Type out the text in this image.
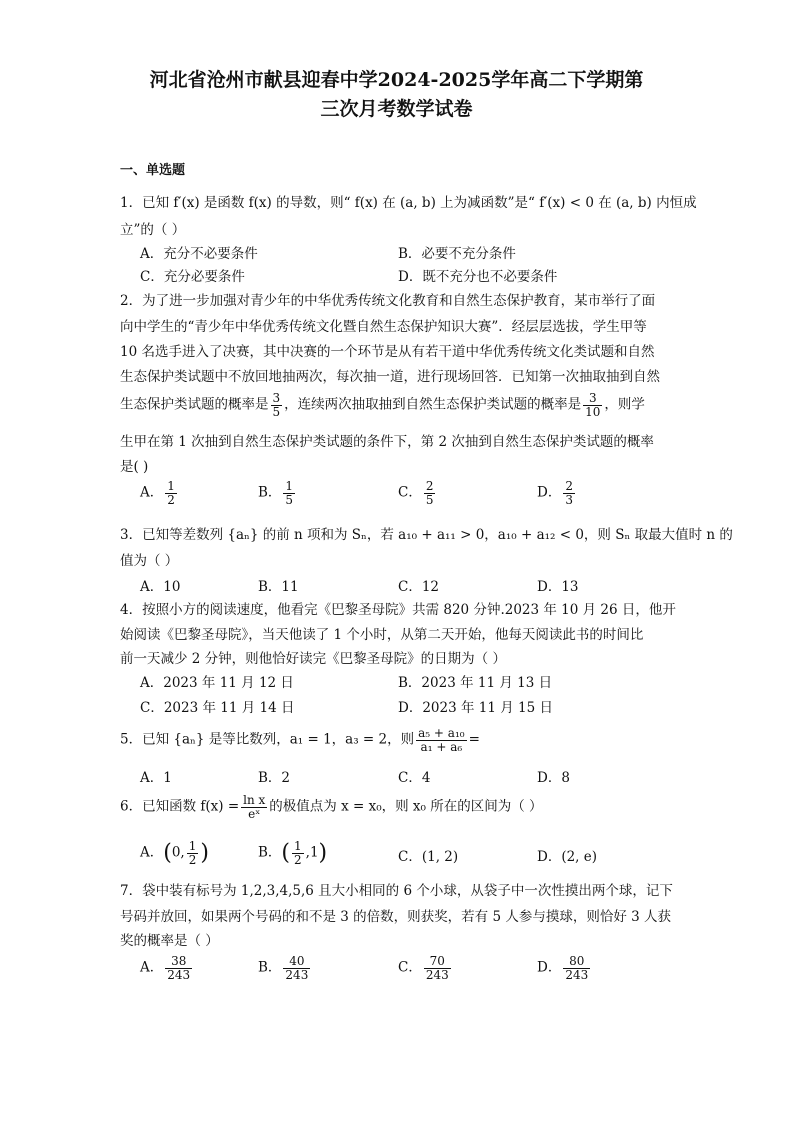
河北省沧州市献县迎春中学2024-2025学年高二下学期第
三次月考数学试卷
一、单选题
1．已知 f′(x) 是函数 f(x) 的导数，则“ f(x) 在 (a, b) 上为减函数”是“ f′(x) < 0 在 (a, b) 内恒成
立”的（ ）
A．充分不必要条件	B．必要不充分条件
C．充分必要条件	D．既不充分也不必要条件
2．为了进一步加强对青少年的中华优秀传统文化教育和自然生态保护教育，某市举行了面
向中学生的“青少年中华优秀传统文化暨自然生态保护知识大赛”．经层层选拔，学生甲等
10 名选手进入了决赛，其中决赛的一个环节是从有若干道中华优秀传统文化类试题和自然
生态保护类试题中不放回地抽两次，每次抽一道，进行现场回答．已知第一次抽取抽到自然
生态保护类试题的概率是 $\frac{3}{5}$ ，连续两次抽取抽到自然生态保护类试题的概率是 $\frac{3}{10}$ ，则学
生甲在第 1 次抽到自然生态保护类试题的条件下，第 2 次抽到自然生态保护类试题的概率
是( )
A． $\frac{1}{2}$	B． $\frac{1}{5}$	C． $\frac{2}{5}$	D． $\frac{2}{3}$
3．已知等差数列 {aₙ} 的前 n 项和为 Sₙ，若 a₁₀ + a₁₁ > 0，a₁₀ + a₁₂ < 0，则 Sₙ 取最大值时 n 的
值为（ ）
A．10	B．11	C．12	D．13
4．按照小方的阅读速度，他看完《巴黎圣母院》共需 820 分钟.2023 年 10 月 26 日，他开
始阅读《巴黎圣母院》，当天他读了 1 个小时，从第二天开始，他每天阅读此书的时间比
前一天减少 2 分钟，则他恰好读完《巴黎圣母院》的日期为（ ）
A．2023 年 11 月 12 日	B．2023 年 11 月 13 日
C．2023 年 11 月 14 日	D．2023 年 11 月 15 日
5．已知 {aₙ} 是等比数列，a₁ = 1，a₃ = 2，则 $\frac{\text{a₅ + a₁₀}}{\text{a₁ + a₆}}$ =
A．1	B．2	C．4	D．8
6．已知函数 $f(x) = \frac{\text{ln x}}{\text{eˣ}}$ 的极值点为 x = x₀，则 x₀ 所在的区间为（ ）
A．(0, $\frac{1}{2}$ )	B．( $\frac{1}{2} ,1$)	C．(1, 2)	D．(2, e)
7．袋中装有标号为 1,2,3,4,5,6 且大小相同的 6 个小球，从袋子中一次性摸出两个球，记下
号码并放回，如果两个号码的和不是 3 的倍数，则获奖，若有 5 人参与摸球，则恰好 3 人获
奖的概率是（ ）
A． $\frac{38}{243}$	B． $\frac{40}{243}$	C． $\frac{70}{243}$	D． $\frac{80}{243}$
